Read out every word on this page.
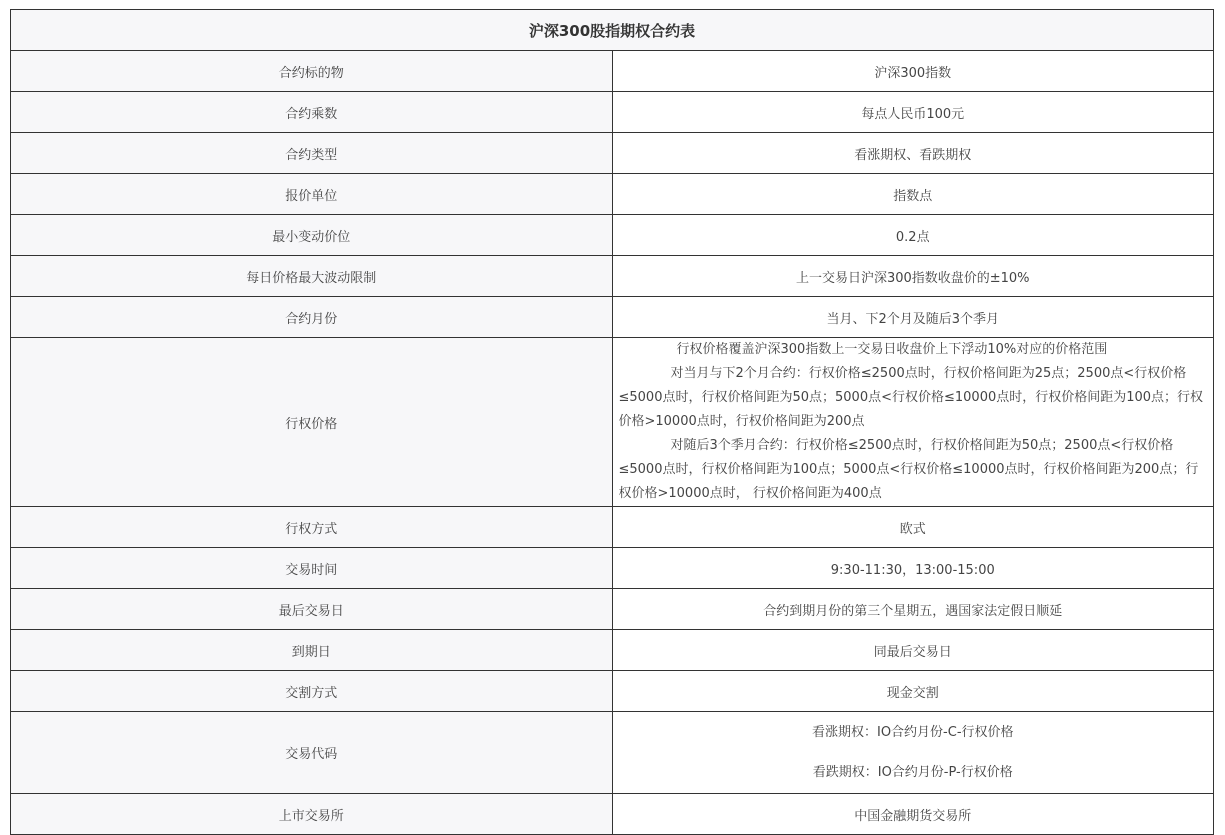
沪深300股指期权合约表	
合约标的物	沪深300指数
合约乘数	每点人民币100元
合约类型	看涨期权、看跌期权
报价单位	指数点
最小变动价位	0.2点
每日价格最大波动限制	上一交易日沪深300指数收盘价的±10%
合约月份	当月、下2个月及随后3个季月
行权价格	行权价格覆盖沪深300指数上一交易日收盘价上下浮动10%对应的价格范围

对当月与下2个月合约：行权价格≤2500点时，行权价格间距为25点；2500点<行权价格≤5000点时，行权价格间距为50点；5000点<行权价格≤10000点时，行权价格间距为100点；行权价格>10000点时，行权价格间距为200点

对随后3个季月合约：行权价格≤2500点时，行权价格间距为50点；2500点<行权价格≤5000点时，行权价格间距为100点；5000点<行权价格≤10000点时，行权价格间距为200点；行权价格>10000点时， 行权价格间距为400点

行权方式	欧式
交易时间	9:30-11:30，13:00-15:00
最后交易日	合约到期月份的第三个星期五，遇国家法定假日顺延
到期日	同最后交易日
交割方式	现金交割
交易代码	看涨期权：IO合约月份-C-行权价格

看跌期权：IO合约月份-P-行权价格

上市交易所	中国金融期货交易所
